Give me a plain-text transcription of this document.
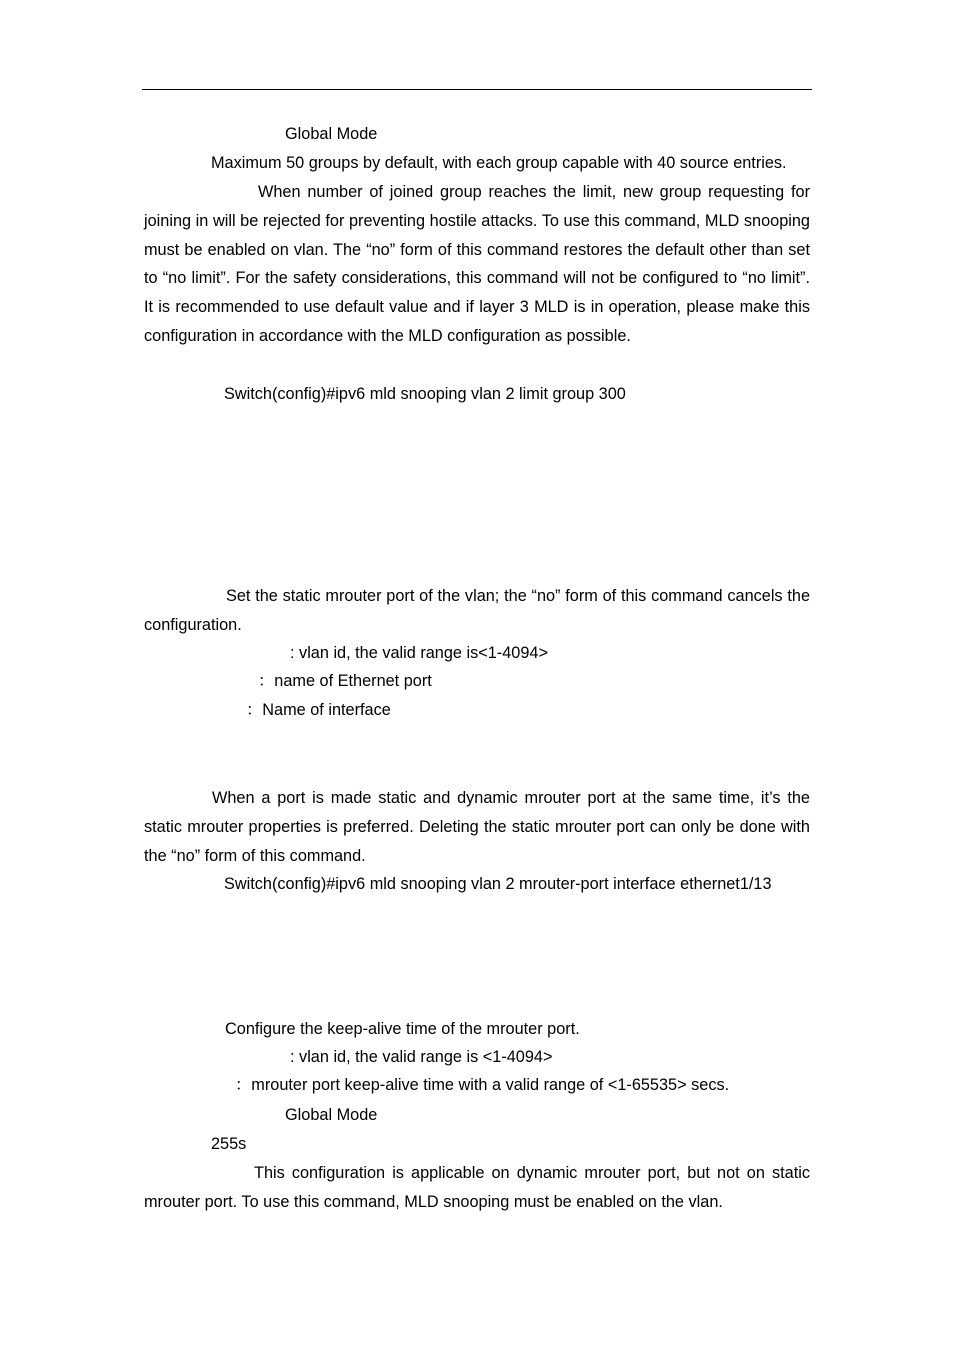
Global Mode
Maximum 50 groups by default, with each group capable with 40 source entries.
When number of joined group reaches the limit, new group requesting for joining in will be rejected for preventing hostile attacks. To use this command, MLD snooping must be enabled on vlan. The “no” form of this command restores the default other than set to “no limit”. For the safety considerations, this command will not be configured to “no limit”. It is recommended to use default value and if layer 3 MLD is in operation, please make this configuration in accordance with the MLD configuration as possible.
Switch(config)#ipv6 mld snooping vlan 2 limit group 300
Set the static mrouter port of the vlan; the “no” form of this command cancels the configuration.
: vlan id, the valid range is<1-4094>
：name of Ethernet port
：Name of interface
When a port is made static and dynamic mrouter port at the same time, it’s the static mrouter properties is preferred. Deleting the static mrouter port can only be done with the “no” form of this command.
Switch(config)#ipv6 mld snooping vlan 2 mrouter-port interface ethernet1/13
Configure the keep-alive time of the mrouter port.
: vlan id, the valid range is <1-4094>
：mrouter port keep-alive time with a valid range of <1-65535> secs.
Global Mode
255s
This configuration is applicable on dynamic mrouter port, but not on static mrouter port. To use this command, MLD snooping must be enabled on the vlan.
